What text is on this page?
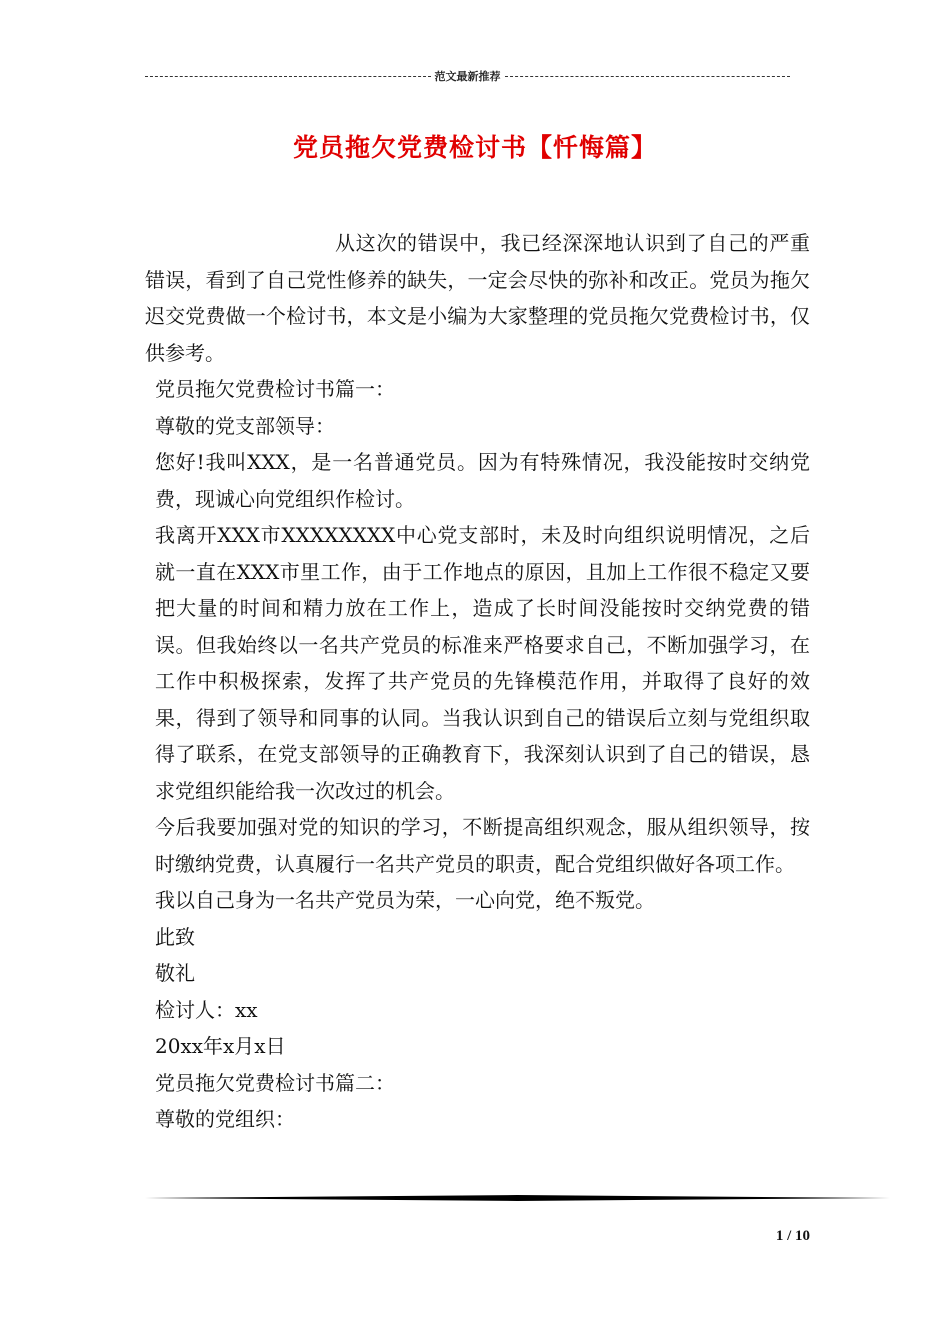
范文最新推荐
党员拖欠党费检讨书【忏悔篇】

从这次的错误中，我已经深深地认识到了自己的严重错误，看到了自己党性修养的缺失，一定会尽快的弥补和改正。党员为拖欠迟交党费做一个检讨书，本文是小编为大家整理的党员拖欠党费检讨书，仅供参考。

党员拖欠党费检讨书篇一：

尊敬的党支部领导：

您好!我叫XXX，是一名普通党员。因为有特殊情况，我没能按时交纳党费，现诚心向党组织作检讨。

我离开XXX市XXXXXXXX中心党支部时，未及时向组织说明情况，之后就一直在XXX市里工作，由于工作地点的原因，且加上工作很不稳定又要把大量的时间和精力放在工作上，造成了长时间没能按时交纳党费的错误。但我始终以一名共产党员的标准来严格要求自己，不断加强学习，在工作中积极探索，发挥了共产党员的先锋模范作用，并取得了良好的效果，得到了领导和同事的认同。当我认识到自己的错误后立刻与党组织取得了联系，在党支部领导的正确教育下，我深刻认识到了自己的错误，恳求党组织能给我一次改过的机会。

今后我要加强对党的知识的学习，不断提高组织观念，服从组织领导，按时缴纳党费，认真履行一名共产党员的职责，配合党组织做好各项工作。

我以自己身为一名共产党员为荣，一心向党，绝不叛党。

此致

敬礼

检讨人：xx

20xx年x月x日

党员拖欠党费检讨书篇二：

尊敬的党组织：

1 / 10
